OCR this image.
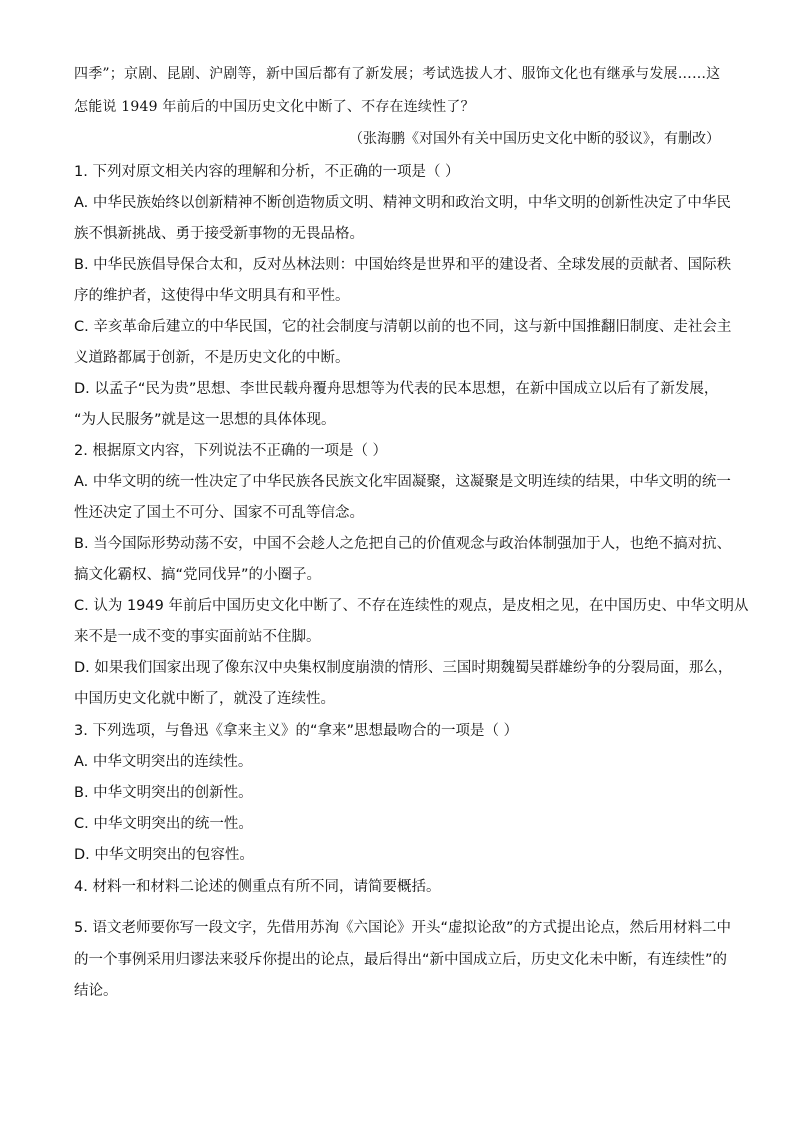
四季”；京剧、昆剧、沪剧等，新中国后都有了新发展；考试选拔人才、服饰文化也有继承与发展……这
怎能说 1949 年前后的中国历史文化中断了、不存在连续性了？
（张海鹏《对国外有关中国历史文化中断的驳议》，有删改）
1. 下列对原文相关内容的理解和分析，不正确的一项是（ ）
A. 中华民族始终以创新精神不断创造物质文明、精神文明和政治文明，中华文明的创新性决定了中华民
族不惧新挑战、勇于接受新事物的无畏品格。
B. 中华民族倡导保合太和，反对丛林法则：中国始终是世界和平的建设者、全球发展的贡献者、国际秩
序的维护者，这使得中华文明具有和平性。
C. 辛亥革命后建立的中华民国，它的社会制度与清朝以前的也不同，这与新中国推翻旧制度、走社会主
义道路都属于创新，不是历史文化的中断。
D. 以孟子“民为贵”思想、李世民载舟覆舟思想等为代表的民本思想，在新中国成立以后有了新发展，
“为人民服务”就是这一思想的具体体现。
2. 根据原文内容，下列说法不正确的一项是（ ）
A. 中华文明的统一性决定了中华民族各民族文化牢固凝聚，这凝聚是文明连续的结果，中华文明的统一
性还决定了国土不可分、国家不可乱等信念。
B. 当今国际形势动荡不安，中国不会趁人之危把自己的价值观念与政治体制强加于人，也绝不搞对抗、
搞文化霸权、搞“党同伐异”的小圈子。
C. 认为 1949 年前后中国历史文化中断了、不存在连续性的观点，是皮相之见，在中国历史、中华文明从
来不是一成不变的事实面前站不住脚。
D. 如果我们国家出现了像东汉中央集权制度崩溃的情形、三国时期魏蜀吴群雄纷争的分裂局面，那么，
中国历史文化就中断了，就没了连续性。
3. 下列选项，与鲁迅《拿来主义》的“拿来”思想最吻合的一项是（ ）
A. 中华文明突出的连续性。
B. 中华文明突出的创新性。
C. 中华文明突出的统一性。
D. 中华文明突出的包容性。
4. 材料一和材料二论述的侧重点有所不同，请简要概括。
5. 语文老师要你写一段文字，先借用苏洵《六国论》开头“虚拟论敌”的方式提出论点，然后用材料二中
的一个事例采用归谬法来驳斥你提出的论点，最后得出“新中国成立后，历史文化未中断，有连续性”的
结论。
